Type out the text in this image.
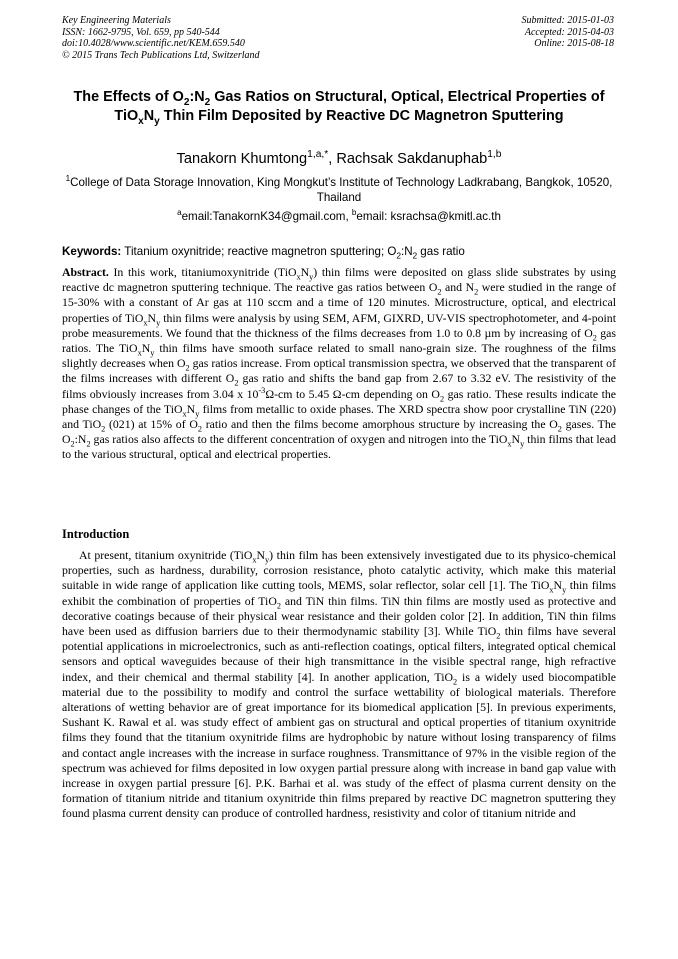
Key Engineering Materials
ISSN: 1662-9795, Vol. 659, pp 540-544
doi:10.4028/www.scientific.net/KEM.659.540
© 2015 Trans Tech Publications Ltd, Switzerland
Submitted: 2015-01-03
Accepted: 2015-04-03
Online: 2015-08-18
The Effects of $O_2:N_2$ Gas Ratios on Structural, Optical, Electrical Properties of $TiO_xN_y$ Thin Film Deposited by Reactive DC Magnetron Sputtering
Tanakorn Khumtong$^{1,a,*}$, Rachsak Sakdanuphab$^{1,b}$
$^1$College of Data Storage Innovation, King Mongkut’s Institute of Technology Ladkrabang, Bangkok, 10520, Thailand
$^a$email:TanakornK34@gmail.com, $^b$email: ksrachsa@kmitl.ac.th
Keywords: Titanium oxynitride; reactive magnetron sputtering; $O_2:N_2$ gas ratio
Abstract. In this work, titaniumoxynitride $(TiO_xN_y)$ thin films were deposited on glass slide substrates by using reactive dc magnetron sputtering technique. The reactive gas ratios between $O_2$ and $N_2$ were studied in the range of 15-30% with a constant of Ar gas at 110 sccm and a time of 120 minutes. Microstructure, optical, and electrical properties of $TiO_xN_y$ thin films were analysis by using SEM, AFM, GIXRD, UV-VIS spectrophotometer, and 4-point probe measurements. We found that the thickness of the films decreases from 1.0 to 0.8 µm by increasing of $O_2$ gas ratios. The $TiO_xN_y$ thin films have smooth surface related to small nano-grain size. The roughness of the films slightly decreases when $O_2$ gas ratios increase. From optical transmission spectra, we observed that the transparent of the films increases with different $O_2$ gas ratio and shifts the band gap from 2.67 to 3.32 eV. The resistivity of the films obviously increases from 3.04 x $10^{-3}\Omega-cm$ to 5.45 Ω-cm depending on $O_2$ gas ratio. These results indicate the phase changes of the $TiO_xN_y$ films from metallic to oxide phases. The XRD spectra show poor crystalline TiN (220) and TiO$_2$ (021) at 15% of $O_2$ ratio and then the films become amorphous structure by increasing the $O_2$ gases. The $O_2:N_2$ gas ratios also affects to the different concentration of oxygen and nitrogen into the $TiO_xN_y$ thin films that lead to the various structural, optical and electrical properties.
Introduction
At present, titanium oxynitride $(TiO_xN_y)$ thin film has been extensively investigated due to its physico-chemical properties, such as hardness, durability, corrosion resistance, photo catalytic activity, which make this material suitable in wide range of application like cutting tools, MEMS, solar reflector, solar cell [1]. The $TiO_xN_y$ thin films exhibit the combination of properties of TiO$_2$ and TiN thin films. TiN thin films are mostly used as protective and decorative coatings because of their physical wear resistance and their golden color [2]. In addition, TiN thin films have been used as diffusion barriers due to their thermodynamic stability [3]. While TiO$_2$ thin films have several potential applications in microelectronics, such as anti-reflection coatings, optical filters, integrated optical chemical sensors and optical waveguides because of their high transmittance in the visible spectral range, high refractive index, and their chemical and thermal stability [4]. In another application, TiO$_2$ is a widely used biocompatible material due to the possibility to modify and control the surface wettability of biological materials. Therefore alterations of wetting behavior are of great importance for its biomedical application [5]. In previous experiments, Sushant K. Rawal et al. was study effect of ambient gas on structural and optical properties of titanium oxynitride films they found that the titanium oxynitride films are hydrophobic by nature without losing transparency of films and contact angle increases with the increase in surface roughness. Transmittance of 97% in the visible region of the spectrum was achieved for films deposited in low oxygen partial pressure along with increase in band gap value with increase in oxygen partial pressure [6]. P.K. Barhai et al. was study of the effect of plasma current density on the formation of titanium nitride and titanium oxynitride thin films prepared by reactive DC magnetron sputtering they found plasma current density can produce of controlled hardness, resistivity and color of titanium nitride and
